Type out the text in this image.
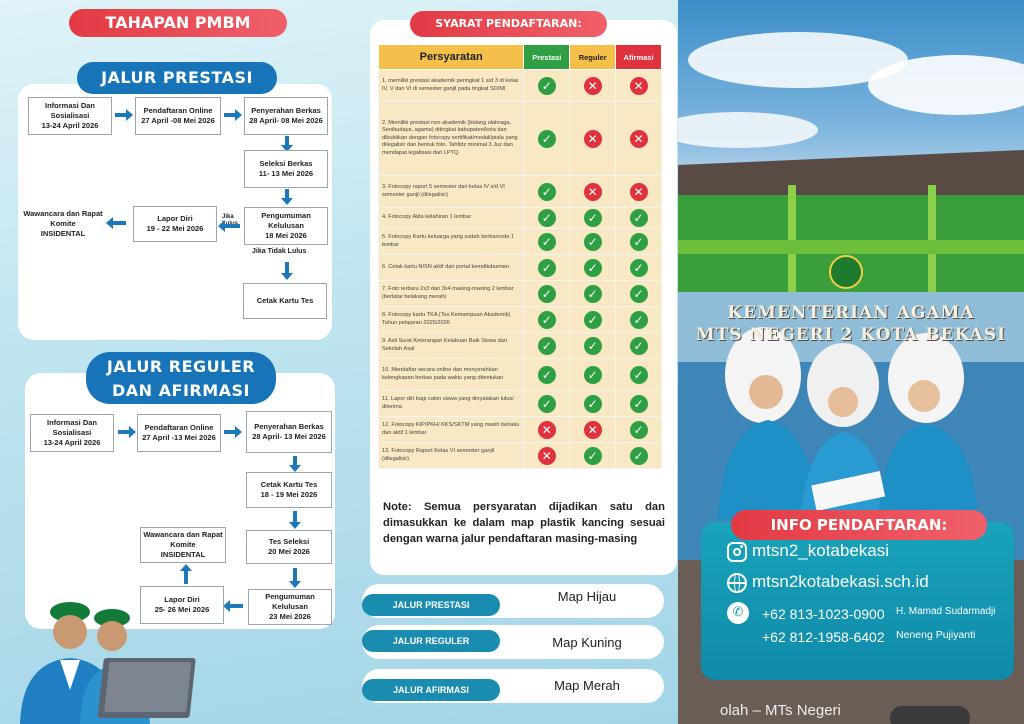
TAHAPAN PMBM
JALUR PRESTASI
Informasi Dan Sosialisasi
13-24 April 2026
Pendaftaran Online
27 April -08 Mei 2026
Penyerahan Berkas
28 April- 08 Mei 2026
Seleksi Berkas
11- 13 Mei 2026
Pengumuman Kelulusan
18 Mei 2026
Jika
Lapor Diri
19 - 22 Mei 2026
Wawancara dan Rapat Komite
INSIDENTAL
Jika Tidak Lulus
Cetak Kartu Tes
JALUR REGULER
DAN AFIRMASI
Informasi Dan Sosialisasi
13-24 April 2026
Pendaftaran Online
27 April -13 Mei 2026
Penyerahan Berkas
28 April- 13 Mei 2026
Cetak Kartu Tes
18 - 19 Mei 2026
Tes Seleksi
20 Mei 2026
Pengumuman Kelulusan
23 Mei 2026
Lapor Diri
25- 26 Mei 2026
Wawancara dan Rapat Komite
INSIDENTAL
SYARAT PENDAFTARAN:
Persyaratan	Prestasi	Reguler	Afirmasi
1. memiliki prestasi akademik peringkat 1 s/d 3 di kelas IV, V dan VI di semester ganjil pada tingkat SD/MI	✓	✕	✕
2. Memiliki prestasi non akademik (bidang olahraga, Senibudaya, agama) ditingkat kabupaten/kota dan dibuktikan dengan fotocopy sertifikat/medali/piala yang dilegalisir dan bentuk foto. Tahfidz minimal 3 Juz dan mendapat legalisasi dari LPTQ	✓	✕	✕
3. Fotocopy raport 5 semester dari kelas IV s/d VI semester ganjil (dilegalisir)	✓	✕	✕
4. Fotocopy Akta kelahiran 1 lembar	✓	✓	✓
5. Fotocopy Kartu keluarga yang sudah berbarcode 1 lembar	✓	✓	✓
6. Cetak kartu NISN aktif dari portal kemdikdasmen	✓	✓	✓
7. Foto terbaru 2x3 dan 3x4 masing-masing 2 lembar (berlatar belakang merah)	✓	✓	✓
8. Fotocopy kartu TKA (Tes Kemampuan Akademik) Tahun pelajaran 2025/2026	✓	✓	✓
9. Asli Surat Keterangan Kelakuan Baik Siswa dari Sekolah Asal	✓	✓	✓
10. Mendaftar secara online dan menyerahkan kelengkapan berkas pada waktu yang ditentukan	✓	✓	✓
11. Lapor diri bagi calon siswa yang dinyatakan lulus/ diterima	✓	✓	✓
12. Fotocopy KIP/PKH/ KKS/SKTM yang masih berlaku dan aktif 1 lembar	✕	✕	✓
13. Fotocopy Raport Kelas VI semester ganjil (dilegalisir)	✕	✓	✓
Note: Semua persyaratan dijadikan satu dan dimasukkan ke dalam map plastik kancing sesuai dengan warna jalur pendaftaran masing-masing
JALUR PRESTASI
Map Hijau
JALUR REGULER	Map Kuning
JALUR AFIRMASI	Map Merah
KEMENTERIAN AGAMA
MTS NEGERI 2 KOTA BEKASI
olah – MTs Negeri
INFO PENDAFTARAN:
mtsn2_kotabekasi
mtsn2kotabekasi.sch.id
✆	+62 813-1023-0900 H. Mamad Sudarmadji
+62 812-1958-6402 Neneng Pujiyanti
